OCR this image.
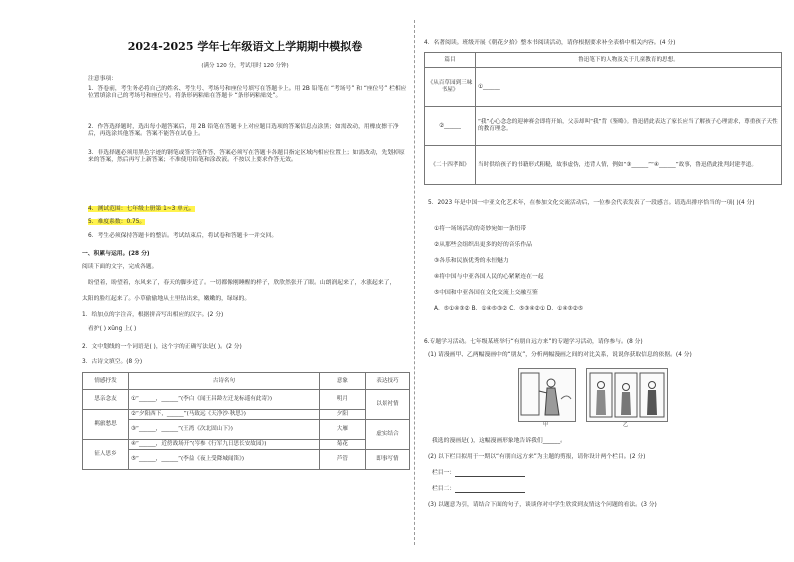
2024-2025 学年七年级语文上学期期中模拟卷
(满分 120 分，考试用时 120 分钟)
注意事项：
1．答卷前，考生务必将自己的姓名、考生号、考场号和座位号填写在答题卡上。用 2B 铅笔在 “考场号” 和 “座位号” 栏相应位置填涂自己的考场号和座位号。将条形码粘贴在答题卡 “条形码粘贴处”。
2．作答选择题时，选出每小题答案后，用 2B 铅笔在答题卡上对应题目选项的答案信息点涂黑；如需改动，用橡皮擦干净后，再选涂其他答案。答案不能答在试卷上。
3．非选择题必须用黑色字迹的钢笔或签字笔作答，答案必须写在答题卡各题目指定区域内相应位置上；如需改动，先划掉原来的答案，然后再写上新答案；不准使用铅笔和涂改液。不按以上要求作答无效。
4．测试范围：七年级上册第 1~3 单元。
5．难度系数：0.75。
6．考生必须保持答题卡的整洁。考试结束后，将试卷和答题卡一并交回。
一、积累与运用。(28 分)
阅读下面的文字，完成各题。
盼望着，盼望着，东风来了，春天的脚步近了。一切都像刚睡醒的样子，欣欣然张开了眼。山朗润起来了，水涨起来了，
太阳的脸红起来了。小草偷偷地从土里钻出来，嫩嫩的，绿绿的。
1．给加点的字注音，根据拼音写出相应的汉字。(2 分)
看护( ) xūng 上( )
2．文中划线的一个词语是( )，这个字的正确写法是( )。(2 分)
3．古诗文填空。(8 分)
情感抒发	古诗名句	意象	表达技巧
思亲念友	①“______，______”(李白《闻王昌龄左迁龙标遥有此寄》)	明月	以景衬情
羁旅愁思	②“夕阳西下，______”(马致远《天净沙·秋思》)	夕阳	
	③“______，______”(王湾《次北固山下》)	大雁	虚实结合
征人思乡	④“______，近傍战场开”(岑参《行军九日思长安故园》)	菊花	
	⑤“______，______”(李益《夜上受降城闻笛》)	芦管	即事写情
4．名著阅读。班级开展《朝花夕拾》整本书阅读活动，请你根据要求补全表格中相关内容。(4 分)
篇目	鲁迅笔下的人物及关于儿童教育的思想。
《从百草园到三味书屋》	①______
②______	“我”心心念念的迎神赛会即将开始，父亲却叫“我”背《鉴略》。鲁迅借此表达了家长应当了解孩子心理需求，尊重孩子天性的教育理念。
《二十四孝图》	当时供给孩子的书籍形式粗糙，故事虚伪，违背人情，例如“③______”“④______”故事，鲁迅借此批判封建孝道。
5．2023 年是中国一中亚文化艺术年，在参加文化交流活动后，一位参会代表发表了一段感言。请选出排序恰当的一项( )(4 分)
①将一场场活动的奇妙宛如一条纽带
②从那些会组织出更多的好的音乐作品
③各乐和民族优秀的永恒魅力
④将中国与中亚各国人民的心紧紧连在一起
⑤中国和中亚各国在文化交流上交融互鉴
A．⑤①④③② B．①④⑤③② C．⑤③④②① D．①④③②⑤
6.专题学习活动。七年级某班举行“有朋自远方来”的专题学习活动，请你参与。(8 分)
(1) 请漫画甲、乙两幅漫画中的“朋友”，分析两幅漫画之间的对比关系，说说你获取信息的依据。(4 分)
甲	乙
我选的漫画是( )，这幅漫画形象地告诉我们______。
(2) 以下栏目拟用于一期以“有朋自远方来”为主题的剪报，请你设计两个栏目。(2 分)
栏目一：
栏目二：
(3) 以题意为引，请结合下面的句子，谈谈你对中学生欣赏到友情这个问题的看法。(3 分)
